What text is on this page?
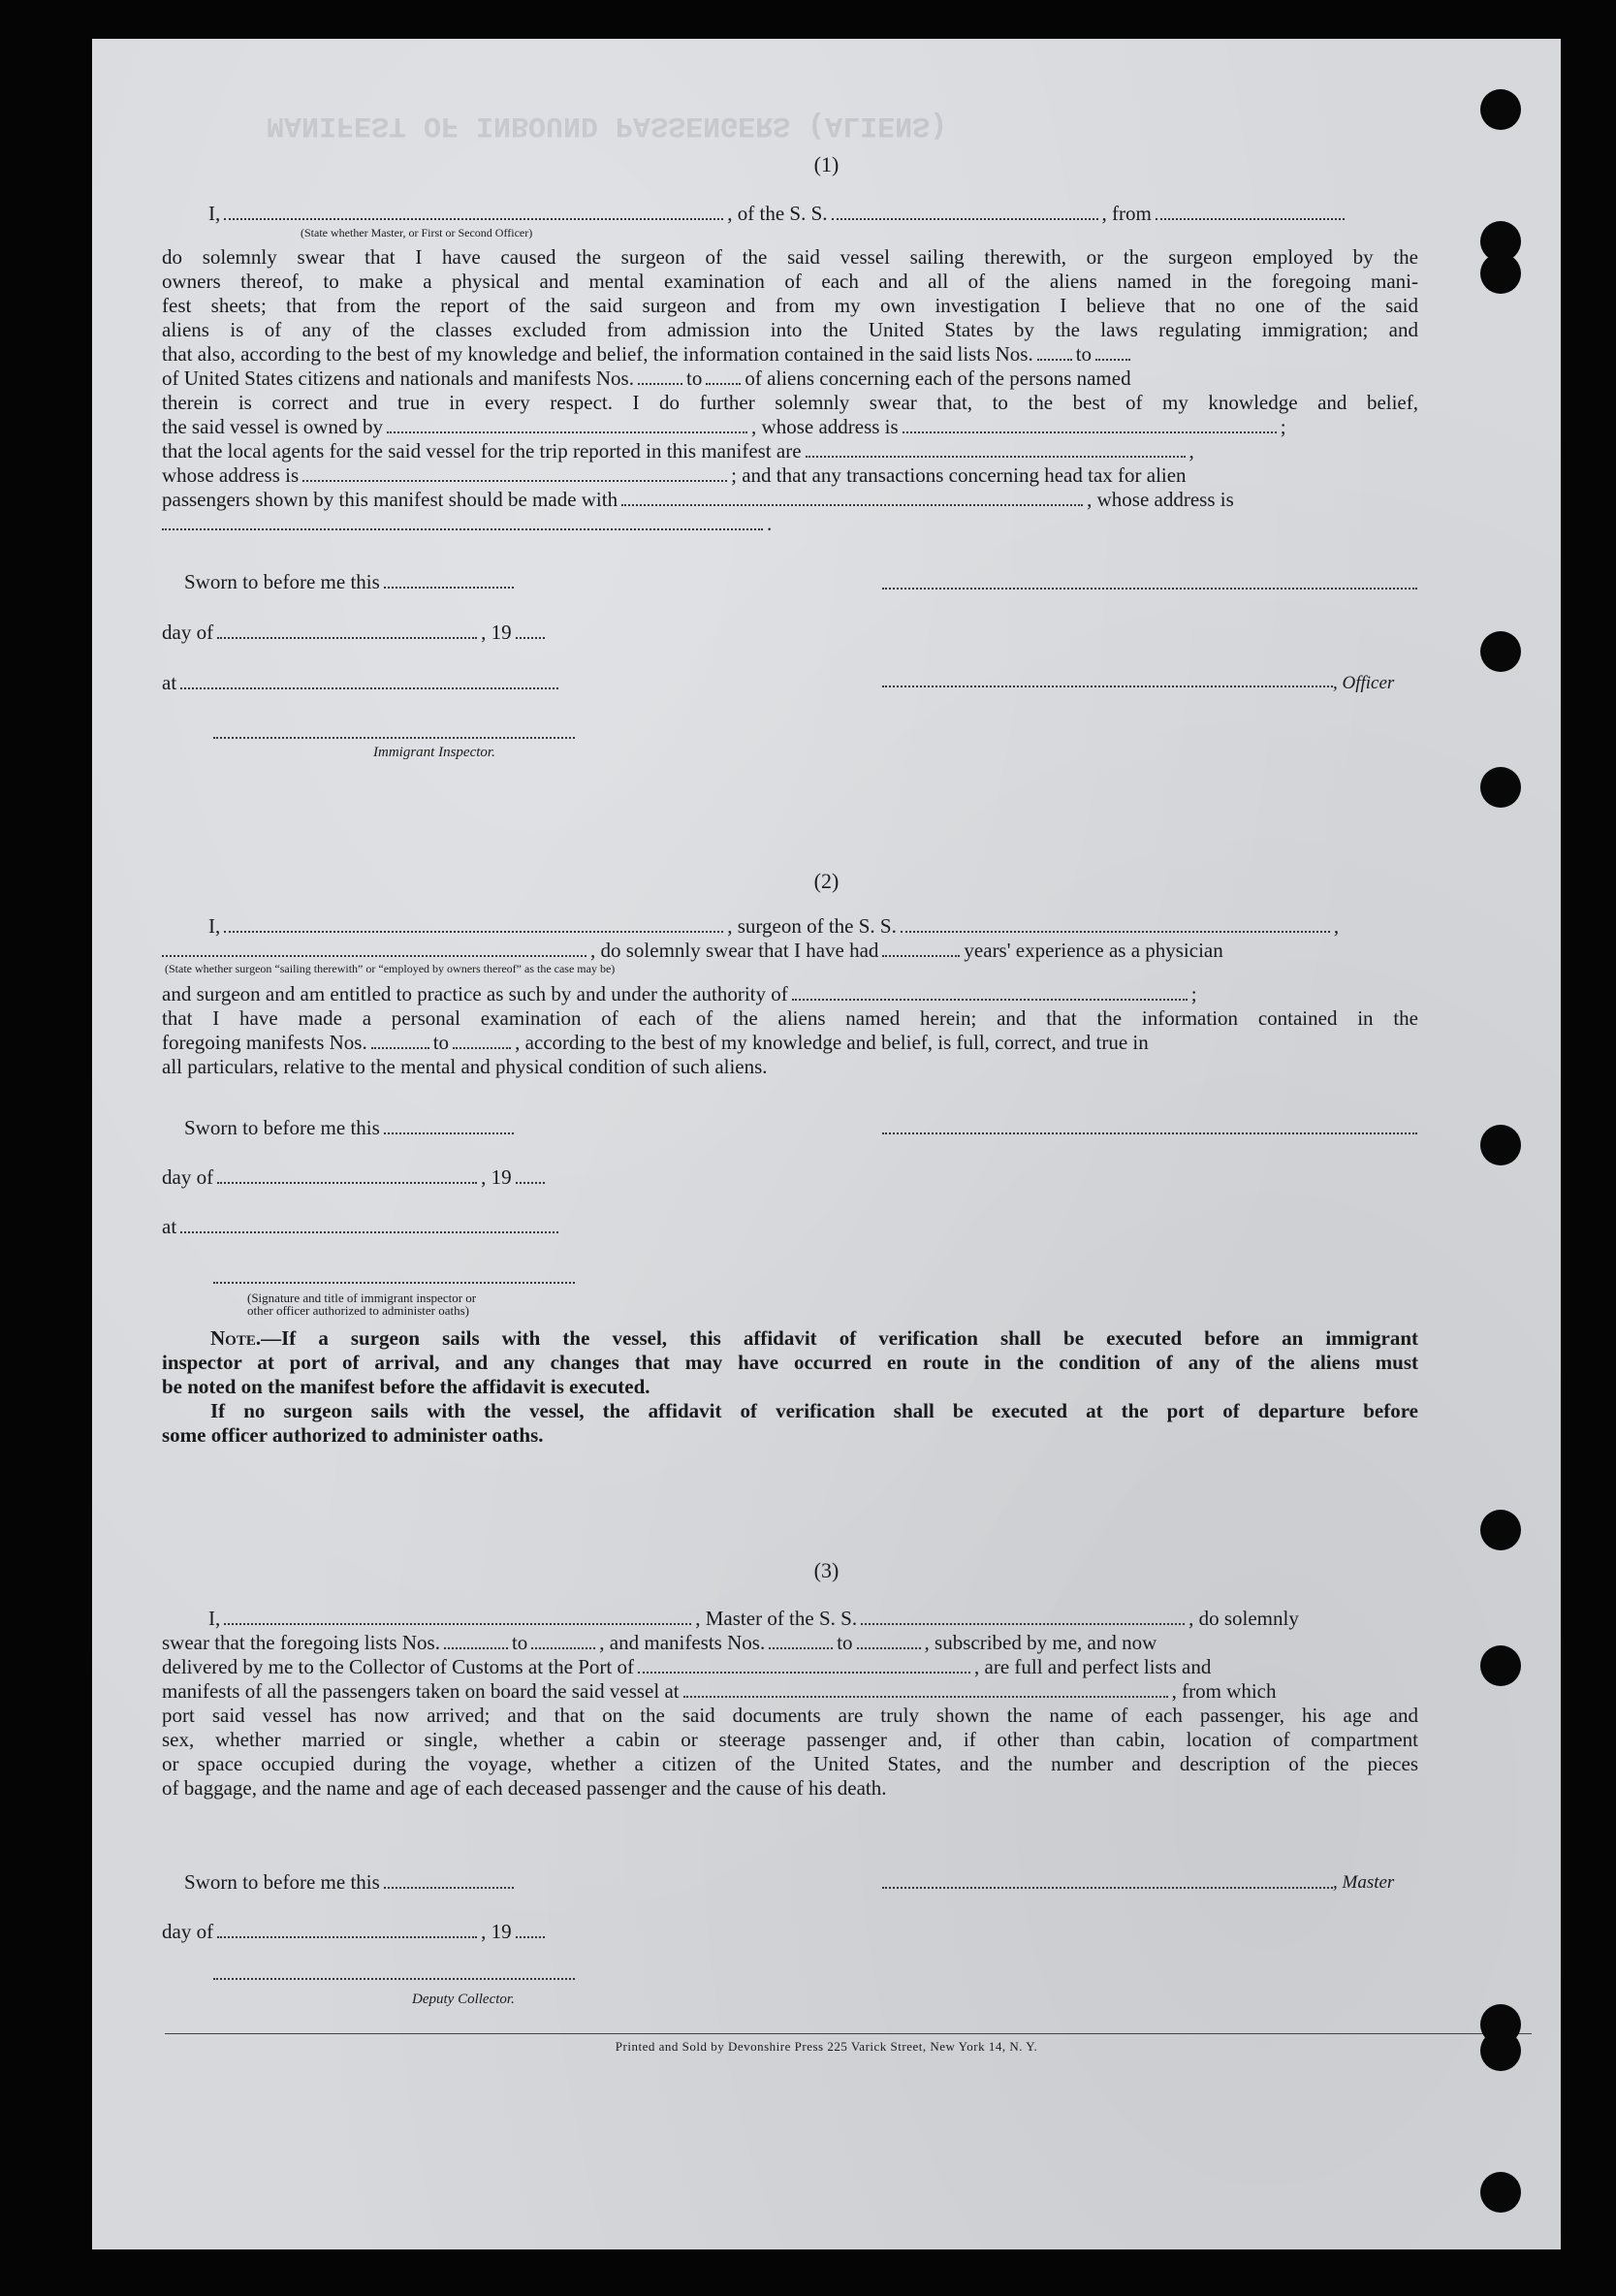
MANIFEST OF INBOUND PASSENGERS (ALIENS)
(1)
I,	, of the S. S.	, from
(State whether Master, or First or Second Officer)
do solemnly swear that I have caused the surgeon of the said vessel sailing therewith, or the surgeon employed by the
owners thereof, to make a physical and mental examination of each and all of the aliens named in the foregoing mani-
fest sheets; that from the report of the said surgeon and from my own investigation I believe that no one of the said
aliens is of any of the classes excluded from admission into the United States by the laws regulating immigration; and
that also, according to the best of my knowledge and belief, the information contained in the said lists Nos. to
of United States citizens and nationals and manifests Nos.	to of aliens concerning each of the persons named
therein is correct and true in every respect. I do further solemnly swear that, to the best of my knowledge and belief,
the said vessel is owned by	, whose address is	;
that the local agents for the said vessel for the trip reported in this manifest are	,
whose address is	; and that any transactions concerning head tax for alien
passengers shown by this manifest should be made with	, whose address is
.
Sworn to before me this
day of	, 19
at	, Officer
Immigrant Inspector.
(2)
I,	, surgeon of the S. S.	,
, do solemnly swear that I have had	years' experience as a physician
(State whether surgeon “sailing therewith” or “employed by owners thereof” as the case may be)
and surgeon and am entitled to practice as such by and under the authority of	;
that I have made a personal examination of each of the aliens named herein; and that the information contained in the
foregoing manifests Nos.	to	, according to the best of my knowledge and belief, is full, correct, and true in
all particulars, relative to the mental and physical condition of such aliens.
Sworn to before me this
day of	, 19
at
(Signature and title of immigrant inspector or
other officer authorized to administer oaths)
Note.—If a surgeon sails with the vessel, this affidavit of verification shall be executed before an immigrant
inspector at port of arrival, and any changes that may have occurred en route in the condition of any of the aliens must
be noted on the manifest before the affidavit is executed.
If no surgeon sails with the vessel, the affidavit of verification shall be executed at the port of departure before
some officer authorized to administer oaths.
(3)
I,	, Master of the S. S.	, do solemnly
swear that the foregoing lists Nos.	to	, and manifests Nos.	to	, subscribed by me, and now
delivered by me to the Collector of Customs at the Port of	, are full and perfect lists and
manifests of all the passengers taken on board the said vessel at	, from which
port said vessel has now arrived; and that on the said documents are truly shown the name of each passenger, his age and
sex, whether married or single, whether a cabin or steerage passenger and, if other than cabin, location of compartment
or space occupied during the voyage, whether a citizen of the United States, and the number and description of the pieces
of baggage, and the name and age of each deceased passenger and the cause of his death.
Sworn to before me this	, Master
day of	, 19
Deputy Collector.
Printed and Sold by Devonshire Press 225 Varick Street, New York 14, N. Y.
